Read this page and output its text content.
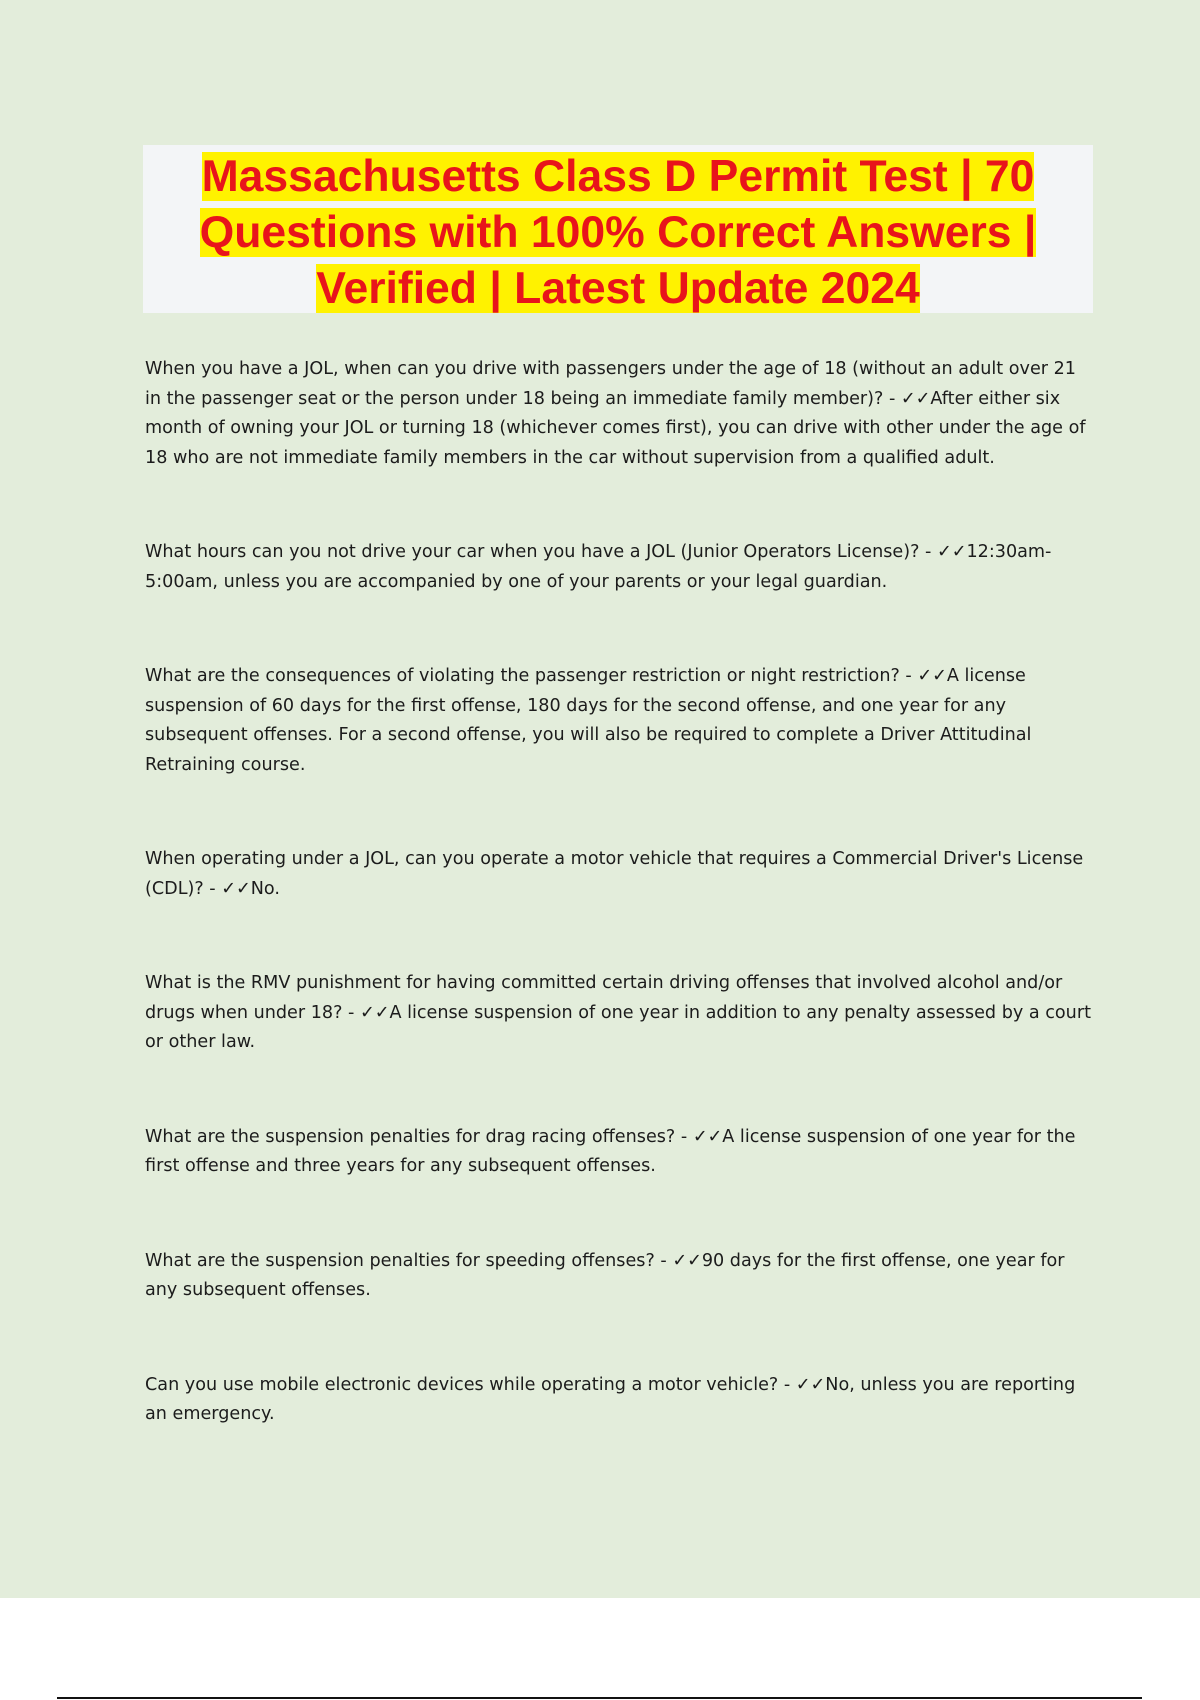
Massachusetts Class D Permit Test | 70 Questions with 100% Correct Answers | Verified | Latest Update 2024

When you have a JOL, when can you drive with passengers under the age of 18 (without an adult over 21 in the passenger seat or the person under 18 being an immediate family member)? - ✓✓After either six month of owning your JOL or turning 18 (whichever comes first), you can drive with other under the age of 18 who are not immediate family members in the car without supervision from a qualified adult.

What hours can you not drive your car when you have a JOL (Junior Operators License)? - ✓✓12:30am-5:00am, unless you are accompanied by one of your parents or your legal guardian.

What are the consequences of violating the passenger restriction or night restriction? - ✓✓A license suspension of 60 days for the first offense, 180 days for the second offense, and one year for any subsequent offenses. For a second offense, you will also be required to complete a Driver Attitudinal Retraining course.

When operating under a JOL, can you operate a motor vehicle that requires a Commercial Driver's License (CDL)? - ✓✓No.

What is the RMV punishment for having committed certain driving offenses that involved alcohol and/or drugs when under 18? - ✓✓A license suspension of one year in addition to any penalty assessed by a court or other law.

What are the suspension penalties for drag racing offenses? - ✓✓A license suspension of one year for the first offense and three years for any subsequent offenses.

What are the suspension penalties for speeding offenses? - ✓✓90 days for the first offense, one year for any subsequent offenses.

Can you use mobile electronic devices while operating a motor vehicle? - ✓✓No, unless you are reporting an emergency.
